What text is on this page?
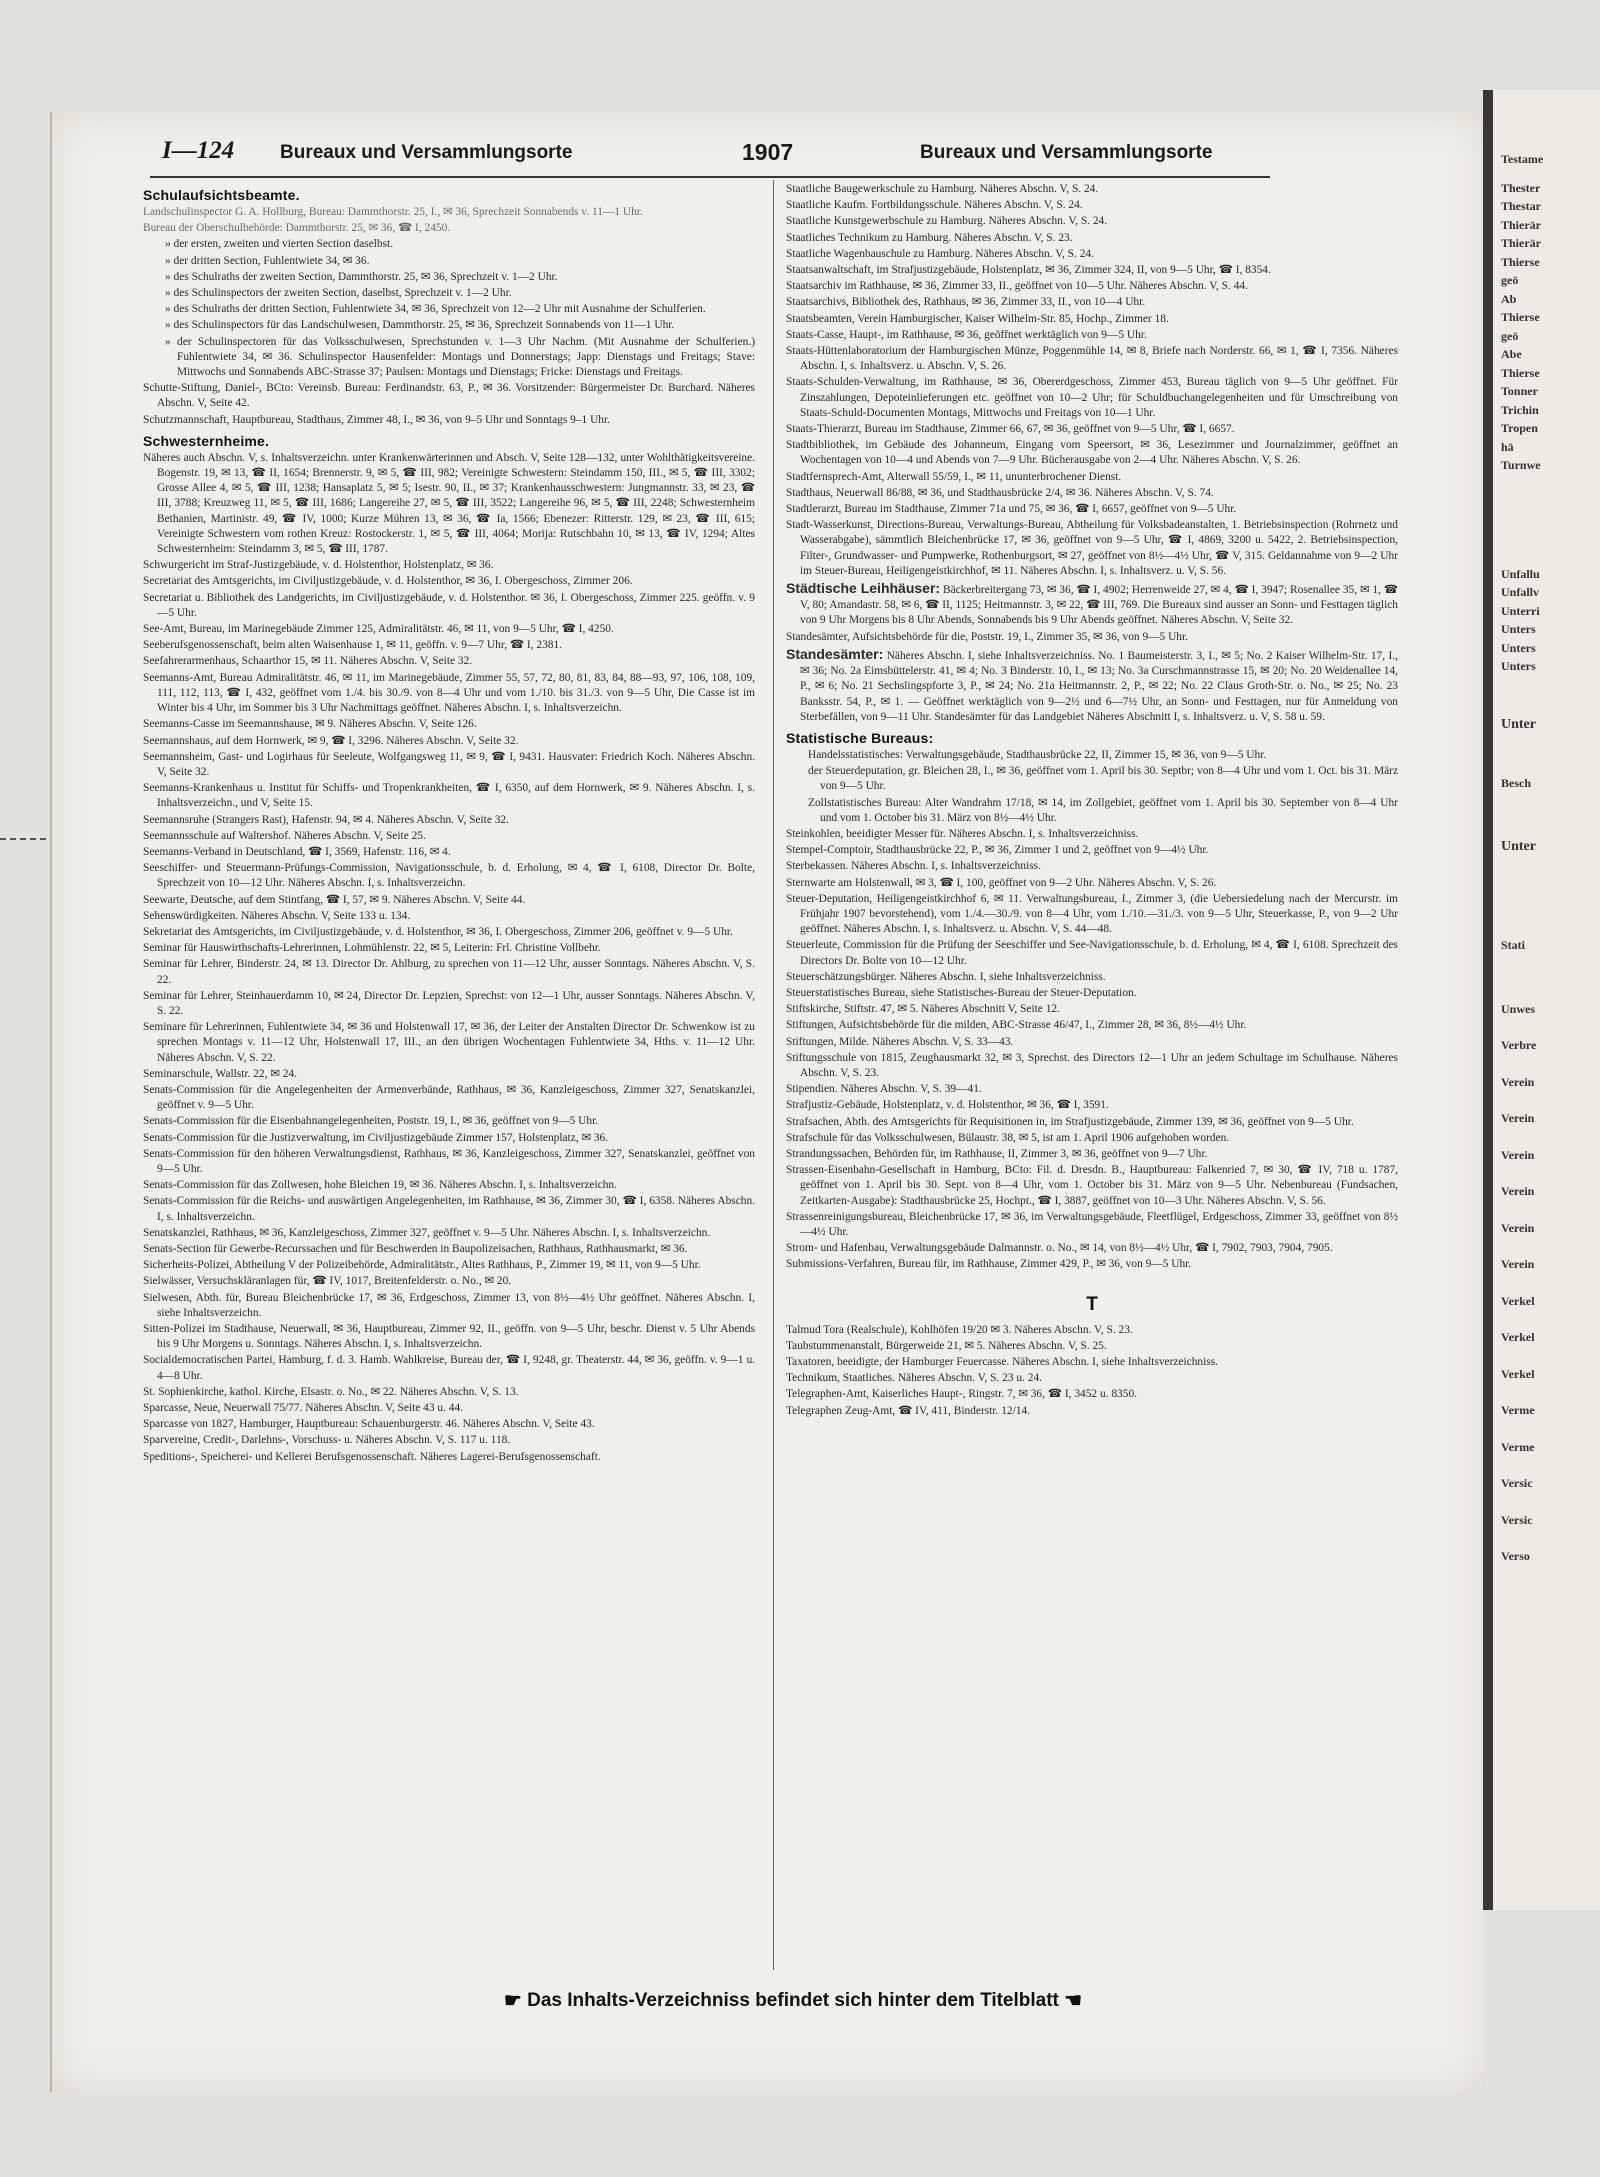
Testame
Thester
Thestar
Thierär
Thierär
Thierse
geö
Ab
Thierse
geö
Abe
Thierse
Tonner
Trichin
Tropen
hä
Turnwe
Unfallu
Unfallv
Unterri
Unters
Unters
Unters
Unter
Besch
Unter
Stati
Unwes
Verbre
Verein
Verein
Verein
Verein
Verein
Verein
Verkel
Verkel
Verkel
Verme
Verme
Versic
Versic
Verso
I—124 Bureaux und Versammlungsorte	1907	Bureaux und Versammlungsorte
Schulaufsichtsbeamte.
Landschulinspector G. A. Hollburg, Bureau: Dammthorstr. 25, I., ✉ 36, Sprechzeit Sonnabends v. 11—1 Uhr.
Bureau der Oberschulbehörde: Dammthorstr. 25, ✉ 36, ☎ I, 2450.
» der ersten, zweiten und vierten Section daselbst.
» der dritten Section, Fuhlentwiete 34, ✉ 36.
» des Schulraths der zweiten Section, Dammthorstr. 25, ✉ 36, Sprechzeit v. 1—2 Uhr.
» des Schulinspectors der zweiten Section, daselbst, Sprechzeit v. 1—2 Uhr.
» des Schulraths der dritten Section, Fuhlentwiete 34, ✉ 36, Sprechzeit von 12—2 Uhr mit Ausnahme der Schulferien.
» des Schulinspectors für das Landschulwesen, Dammthorstr. 25, ✉ 36, Sprechzeit Sonnabends von 11—1 Uhr.
» der Schulinspectoren für das Volksschulwesen, Sprechstunden v. 1—3 Uhr Nachm. (Mit Ausnahme der Schulferien.) Fuhlentwiete 34, ✉ 36. Schulinspector Hausenfelder: Montags und Donnerstags; Japp: Dienstags und Freitags; Stave: Mittwochs und Sonnabends ABC-Strasse 37; Paulsen: Montags und Dienstags; Fricke: Dienstags und Freitags.
Schutte-Stiftung, Daniel-, BCto: Vereinsb. Bureau: Ferdinandstr. 63, P., ✉ 36. Vorsitzender: Bürgermeister Dr. Burchard. Näheres Abschn. V, Seite 42.
Schutzmannschaft, Hauptbureau, Stadthaus, Zimmer 48, I., ✉ 36, von 9–5 Uhr und Sonntags 9–1 Uhr.
Schwesternheime.
Näheres auch Abschn. V, s. Inhaltsverzeichn. unter Krankenwärterinnen und Absch. V, Seite 128—132, unter Wohlthätigkeitsvereine. Bogenstr. 19, ✉ 13, ☎ II, 1654; Brennerstr. 9, ✉ 5, ☎ III, 982; Vereinigte Schwestern: Steindamm 150, III., ✉ 5, ☎ III, 3302; Grosse Allee 4, ✉ 5, ☎ III, 1238; Hansaplatz 5, ✉ 5; Isestr. 90, II., ✉ 37; Krankenhausschwestern: Jungmannstr. 33, ✉ 23, ☎ III, 3788; Kreuzweg 11, ✉ 5, ☎ III, 1686; Langereihe 27, ✉ 5, ☎ III, 3522; Langereihe 96, ✉ 5, ☎ III, 2248; Schwesternheim Bethanien, Martinistr. 49, ☎ IV, 1000; Kurze Mühren 13, ✉ 36, ☎ Ia, 1566; Ebenezer: Ritterstr. 129, ✉ 23, ☎ III, 615; Vereinigte Schwestern vom rothen Kreuz: Rostockerstr. 1, ✉ 5, ☎ III, 4064; Morija: Rutschbahn 10, ✉ 13, ☎ IV, 1294; Altes Schwesternheim: Steindamm 3, ✉ 5, ☎ III, 1787.
Schwurgericht im Straf-Justizgebäude, v. d. Holstenthor, Holstenplatz, ✉ 36.
Secretariat des Amtsgerichts, im Civiljustizgebäude, v. d. Holstenthor, ✉ 36, I. Obergeschoss, Zimmer 206.
Secretariat u. Bibliothek des Landgerichts, im Civiljustizgebäude, v. d. Holstenthor. ✉ 36, I. Obergeschoss, Zimmer 225. geöffn. v. 9—5 Uhr.
See-Amt, Bureau, im Marinegebäude Zimmer 125, Admiralitätstr. 46, ✉ 11, von 9—5 Uhr, ☎ I, 4250.
Seeberufsgenossenschaft, beim alten Waisenhause 1, ✉ 11, geöffn. v. 9—7 Uhr, ☎ I, 2381.
Seefahrerarmenhaus, Schaarthor 15, ✉ 11. Näheres Abschn. V, Seite 32.
Seemanns-Amt, Bureau Admiralitätstr. 46, ✉ 11, im Marinegebäude, Zimmer 55, 57, 72, 80, 81, 83, 84, 88—93, 97, 106, 108, 109, 111, 112, 113, ☎ I, 432, geöffnet vom 1./4. bis 30./9. von 8—4 Uhr und vom 1./10. bis 31./3. von 9—5 Uhr, Die Casse ist im Winter bis 4 Uhr, im Sommer bis 3 Uhr Nachmittags geöffnet. Näheres Abschn. I, s. Inhaltsverzeichn.
Seemanns-Casse im Seemannshause, ✉ 9. Näheres Abschn. V, Seite 126.
Seemannshaus, auf dem Hornwerk, ✉ 9, ☎ I, 3296. Näheres Abschn. V, Seite 32.
Seemannsheim, Gast- und Logirhaus für Seeleute, Wolfgangsweg 11, ✉ 9, ☎ I, 9431. Hausvater: Friedrich Koch. Näheres Abschn. V, Seite 32.
Seemanns-Krankenhaus u. Institut für Schiffs- und Tropenkrankheiten, ☎ I, 6350, auf dem Hornwerk, ✉ 9. Näheres Abschn. I, s. Inhaltsverzeichn., und V, Seite 15.
Seemannsruhe (Strangers Rast), Hafenstr. 94, ✉ 4. Näheres Abschn. V, Seite 32.
Seemannsschule auf Waltershof. Näheres Abschn. V, Seite 25.
Seemanns-Verband in Deutschland, ☎ I, 3569, Hafenstr. 116, ✉ 4.
Seeschiffer- und Steuermann-Prüfungs-Commission, Navigationsschule, b. d. Erholung, ✉ 4, ☎ I, 6108, Director Dr. Bolte, Sprechzeit von 10—12 Uhr. Näheres Abschn. I, s. Inhaltsverzeichn.
Seewarte, Deutsche, auf dem Stintfang, ☎ I, 57, ✉ 9. Näheres Abschn. V, Seite 44.
Sehenswürdigkeiten. Näheres Abschn. V, Seite 133 u. 134.
Sekretariat des Amtsgerichts, im Civiljustizgebäude, v. d. Holstenthor, ✉ 36, I. Obergeschoss, Zimmer 206, geöffnet v. 9—5 Uhr.
Seminar für Hauswirthschafts-Lehrerinnen, Lohmühlenstr. 22, ✉ 5, Leiterin: Frl. Christine Vollbehr.
Seminar für Lehrer, Binderstr. 24, ✉ 13. Director Dr. Ahlburg, zu sprechen von 11—12 Uhr, ausser Sonntags. Näheres Abschn. V, S. 22.
Seminar für Lehrer, Steinhauerdamm 10, ✉ 24, Director Dr. Lepzien, Sprechst: von 12—1 Uhr, ausser Sonntags. Näheres Abschn. V, S. 22.
Seminare für Lehrerinnen, Fuhlentwiete 34, ✉ 36 und Holstenwall 17, ✉ 36, der Leiter der Anstalten Director Dr. Schwenkow ist zu sprechen Montags v. 11—12 Uhr, Holstenwall 17, III., an den übrigen Wochentagen Fuhlentwiete 34, Hths. v. 11—12 Uhr. Näheres Abschn. V, S. 22.
Seminarschule, Wallstr. 22, ✉ 24.
Senats-Commission für die Angelegenheiten der Armenverbände, Rathhaus, ✉ 36, Kanzleigeschoss, Zimmer 327, Senatskanzlei, geöffnet v. 9—5 Uhr.
Senats-Commission für die Eisenbahnangelegenheiten, Poststr. 19, I., ✉ 36, geöffnet von 9—5 Uhr.
Senats-Commission für die Justizverwaltung, im Civiljustizgebäude Zimmer 157, Holstenplatz, ✉ 36.
Senats-Commission für den höheren Verwaltungsdienst, Rathhaus, ✉ 36, Kanzleigeschoss, Zimmer 327, Senatskanzlei, geöffnet von 9—5 Uhr.
Senats-Commission für das Zollwesen, hohe Bleichen 19, ✉ 36. Näheres Abschn. I, s. Inhaltsverzeichn.
Senats-Commission für die Reichs- und auswärtigen Angelegenheiten, im Rathhause, ✉ 36, Zimmer 30, ☎ I, 6358. Näheres Abschn. I, s. Inhaltsverzeichn.
Senatskanzlei, Rathhaus, ✉ 36, Kanzleigeschoss, Zimmer 327, geöffnet v. 9—5 Uhr. Näheres Abschn. I, s. Inhaltsverzeichn.
Senats-Section für Gewerbe-Recurssachen und für Beschwerden in Baupolizeisachen, Rathhaus, Rathhausmarkt, ✉ 36.
Sicherheits-Polizei, Abtheilung V der Polizeibehörde, Admiralitätstr., Altes Rathhaus, P., Zimmer 19, ✉ 11, von 9—5 Uhr.
Sielwässer, Versuchskläranlagen für, ☎ IV, 1017, Breitenfelderstr. o. No., ✉ 20.
Sielwesen, Abth. für, Bureau Bleichenbrücke 17, ✉ 36, Erdgeschoss, Zimmer 13, von 8½—4½ Uhr geöffnet. Näheres Abschn. I, siehe Inhaltsverzeichn.
Sitten-Polizei im Stadthause, Neuerwall, ✉ 36, Hauptbureau, Zimmer 92, II., geöffn. von 9—5 Uhr, beschr. Dienst v. 5 Uhr Abends bis 9 Uhr Morgens u. Sonntags. Näheres Abschn. I, s. Inhaltsverzeichn.
Socialdemocratischen Partei, Hamburg, f. d. 3. Hamb. Wahlkreise, Bureau der, ☎ I, 9248, gr. Theaterstr. 44, ✉ 36, geöffn. v. 9—1 u. 4—8 Uhr.
St. Sophienkirche, kathol. Kirche, Elsastr. o. No., ✉ 22. Näheres Abschn. V, S. 13.
Sparcasse, Neue, Neuerwall 75/77. Näheres Abschn. V, Seite 43 u. 44.
Sparcasse von 1827, Hamburger, Hauptbureau: Schauenburgerstr. 46. Näheres Abschn. V, Seite 43.
Sparvereine, Credit-, Darlehns-, Vorschuss- u. Näheres Abschn. V, S. 117 u. 118.
Speditions-, Speicherei- und Kellerei Berufsgenossenschaft. Näheres Lagerei-Berufsgenossenschaft.
Staatliche Baugewerkschule zu Hamburg. Näheres Abschn. V, S. 24.
Staatliche Kaufm. Fortbildungsschule. Näheres Abschn. V, S. 24.
Staatliche Kunstgewerbschule zu Hamburg. Näheres Abschn. V, S. 24.
Staatliches Technikum zu Hamburg. Näheres Abschn. V, S. 23.
Staatliche Wagenbauschule zu Hamburg. Näheres Abschn. V, S. 24.
Staatsanwaltschaft, im Strafjustizgebäude, Holstenplatz, ✉ 36, Zimmer 324, II, von 9—5 Uhr, ☎ I, 8354.
Staatsarchiv im Rathhause, ✉ 36, Zimmer 33, II., geöffnet von 10—5 Uhr. Näheres Abschn. V, S. 44.
Staatsarchivs, Bibliothek des, Rathhaus, ✉ 36, Zimmer 33, II., von 10—4 Uhr.
Staatsbeamten, Verein Hamburgischer, Kaiser Wilhelm-Str. 85, Hochp., Zimmer 18.
Staats-Casse, Haupt-, im Rathhause, ✉ 36, geöffnet werktäglich von 9—5 Uhr.
Staats-Hüttenlaboratorium der Hamburgischen Münze, Poggenmühle 14, ✉ 8, Briefe nach Norderstr. 66, ✉ 1, ☎ I, 7356. Näheres Abschn. I, s. Inhaltsverz. u. Abschn. V, S. 26.
Staats-Schulden-Verwaltung, im Rathhause, ✉ 36, Obererdgeschoss, Zimmer 453, Bureau täglich von 9—5 Uhr geöffnet. Für Zinszahlungen, Depoteinlieferungen etc. geöffnet von 10—2 Uhr; für Schuldbuchangelegenheiten und für Umschreibung von Staats-Schuld-Documenten Montags, Mittwochs und Freitags von 10—1 Uhr.
Staats-Thierarzt, Bureau im Stadthause, Zimmer 66, 67, ✉ 36, geöffnet von 9—5 Uhr, ☎ I, 6657.
Stadtbibliothek, im Gebäude des Johanneum, Eingang vom Speersort, ✉ 36, Lesezimmer und Journalzimmer, geöffnet an Wochentagen von 10—4 und Abends von 7—9 Uhr. Bücherausgabe von 2—4 Uhr. Näheres Abschn. V, S. 26.
Stadtfernsprech-Amt, Alterwall 55/59, I., ✉ 11, ununterbrochener Dienst.
Stadthaus, Neuerwall 86/88, ✉ 36, und Stadthausbrücke 2/4, ✉ 36. Näheres Abschn. V, S. 74.
Stadtlerarzt, Bureau im Stadthause, Zimmer 71a und 75, ✉ 36, ☎ I, 6657, geöffnet von 9—5 Uhr.
Stadt-Wasserkunst, Directions-Bureau, Verwaltungs-Bureau, Abtheilung für Volksbadeanstalten, 1. Betriebsinspection (Rohrnetz und Wasserabgabe), sämmtlich Bleichenbrücke 17, ✉ 36, geöffnet von 9—5 Uhr, ☎ I, 4869, 3200 u. 5422, 2. Betriebsinspection, Filter-, Grundwasser- und Pumpwerke, Rothenburgsort, ✉ 27, geöffnet von 8½—4½ Uhr, ☎ V, 315. Geldannahme von 9—2 Uhr im Steuer-Bureau, Heiligengeistkirchhof, ✉ 11. Näheres Abschn. I, s. Inhaltsverz. u. V, S. 56.
Städtische Leihhäuser: Bäckerbreitergang 73, ✉ 36, ☎ I, 4902; Herrenweide 27, ✉ 4, ☎ I, 3947; Rosenallee 35, ✉ 1, ☎ V, 80; Amandastr. 58, ✉ 6, ☎ II, 1125; Heitmannstr. 3, ✉ 22, ☎ III, 769. Die Bureaux sind ausser an Sonn- und Festtagen täglich von 9 Uhr Morgens bis 8 Uhr Abends, Sonnabends bis 9 Uhr Abends geöffnet. Näheres Abschn. V, Seite 32.
Standesämter, Aufsichtsbehörde für die, Poststr. 19, I., Zimmer 35, ✉ 36, von 9—5 Uhr.
Standesämter: Näheres Abschn. I, siehe Inhaltsverzeichniss. No. 1 Baumeisterstr. 3, I., ✉ 5; No. 2 Kaiser Wilhelm-Str. 17, I., ✉ 36; No. 2a Eimsbüttelerstr. 41, ✉ 4; No. 3 Binderstr. 10, I., ✉ 13; No. 3a Curschmannstrasse 15, ✉ 20; No. 20 Weidenallee 14, P., ✉ 6; No. 21 Sechslingspforte 3, P., ✉ 24; No. 21a Heitmannstr. 2, P., ✉ 22; No. 22 Claus Groth-Str. o. No., ✉ 25; No. 23 Banksstr. 54, P., ✉ 1. — Geöffnet werktäglich von 9—2½ und 6—7½ Uhr, an Sonn- und Festtagen, nur für Anmeldung von Sterbefällen, von 9—11 Uhr. Standesämter für das Landgebiet Näheres Abschnitt I, s. Inhaltsverz. u. V, S. 58 u. 59.
Statistische Bureaus:
Handelsstatistisches: Verwaltungsgebäude, Stadthausbrücke 22, II, Zimmer 15, ✉ 36, von 9—5 Uhr.
der Steuerdeputation, gr. Bleichen 28, I., ✉ 36, geöffnet vom 1. April bis 30. Septbr; von 8—4 Uhr und vom 1. Oct. bis 31. März von 9—5 Uhr.
Zollstatistisches Bureau: Alter Wandrahm 17/18, ✉ 14, im Zollgebiet, geöffnet vom 1. April bis 30. September von 8—4 Uhr und vom 1. October bis 31. März von 8½—4½ Uhr.
Steinkohlen, beeidigter Messer für. Näheres Abschn. I, s. Inhaltsverzeichniss.
Stempel-Comptoir, Stadthausbrücke 22, P., ✉ 36, Zimmer 1 und 2, geöffnet von 9—4½ Uhr.
Sterbekassen. Näheres Abschn. I, s. Inhaltsverzeichniss.
Sternwarte am Holstenwall, ✉ 3, ☎ I, 100, geöffnet von 9—2 Uhr. Näheres Abschn. V, S. 26.
Steuer-Deputation, Heiligengeistkirchhof 6, ✉ 11. Verwaltungsbureau, I., Zimmer 3, (die Uebersiedelung nach der Mercurstr. im Frühjahr 1907 bevorstehend), vom 1./4.—30./9. von 8—4 Uhr, vom 1./10.—31./3. von 9—5 Uhr, Steuerkasse, P., von 9—2 Uhr geöffnet. Näheres Abschn. I, s. Inhaltsverz. u. Abschn. V, S. 44—48.
Steuerleute, Commission für die Prüfung der Seeschiffer und See-Navigationsschule, b. d. Erholung, ✉ 4, ☎ I, 6108. Sprechzeit des Directors Dr. Bolte von 10—12 Uhr.
Steuerschätzungsbürger. Näheres Abschn. I, siehe Inhaltsverzeichniss.
Steuerstatistisches Bureau, siehe Statistisches-Bureau der Steuer-Deputation.
Stiftskirche, Stiftstr. 47, ✉ 5. Näheres Abschnitt V, Seite 12.
Stiftungen, Aufsichtsbehörde für die milden, ABC-Strasse 46/47, I., Zimmer 28, ✉ 36, 8½—4½ Uhr.
Stiftungen, Milde. Näheres Abschn. V, S. 33—43.
Stiftungsschule von 1815, Zeughausmarkt 32, ✉ 3, Sprechst. des Directors 12—1 Uhr an jedem Schultage im Schulhause. Näheres Abschn. V, S. 23.
Stipendien. Näheres Abschn. V, S. 39—41.
Strafjustiz-Gebäude, Holstenplatz, v. d. Holstenthor, ✉ 36, ☎ I, 3591.
Strafsachen, Abth. des Amtsgerichts für Requisitionen in, im Strafjustizgebäude, Zimmer 139, ✉ 36, geöffnet von 9—5 Uhr.
Strafschule für das Volksschulwesen, Bülaustr. 38, ✉ 5, ist am 1. April 1906 aufgehoben worden.
Strandungssachen, Behörden für, im Rathhause, II, Zimmer 3, ✉ 36, geöffnet von 9—7 Uhr.
Strassen-Eisenbahn-Gesellschaft in Hamburg, BCto: Fil. d. Dresdn. B., Hauptbureau: Falkenried 7, ✉ 30, ☎ IV, 718 u. 1787, geöffnet von 1. April bis 30. Sept. von 8—4 Uhr, vom 1. October bis 31. März von 9—5 Uhr. Nebenbureau (Fundsachen, Zeitkarten-Ausgabe): Stadthausbrücke 25, Hochpt., ☎ I, 3887, geöffnet von 10—3 Uhr. Näheres Abschn. V, S. 56.
Strassenreinigungsbureau, Bleichenbrücke 17, ✉ 36, im Verwaltungsgebäude, Fleetflügel, Erdgeschoss, Zimmer 33, geöffnet von 8½—4½ Uhr.
Strom- und Hafenbau, Verwaltungsgebäude Dalmannstr. o. No., ✉ 14, von 8½—4½ Uhr, ☎ I, 7902, 7903, 7904, 7905.
Submissions-Verfahren, Bureau für, im Rathhause, Zimmer 429, P., ✉ 36, von 9—5 Uhr.
T
Talmud Tora (Realschule), Kohlhöfen 19/20 ✉ 3. Näheres Abschn. V, S. 23.
Taubstummenanstalt, Bürgerweide 21, ✉ 5. Näheres Abschn. V, S. 25.
Taxatoren, beeidigte, der Hamburger Feuercasse. Näheres Abschn. I, siehe Inhaltsverzeichniss.
Technikum, Staatliches. Näheres Abschn. V, S. 23 u. 24.
Telegraphen-Amt, Kaiserliches Haupt-, Ringstr. 7, ✉ 36, ☎ I, 3452 u. 8350.
Telegraphen Zeug-Amt, ☎ IV, 411, Binderstr. 12/14.
☛ Das Inhalts-Verzeichniss befindet sich hinter dem Titelblatt ☚
